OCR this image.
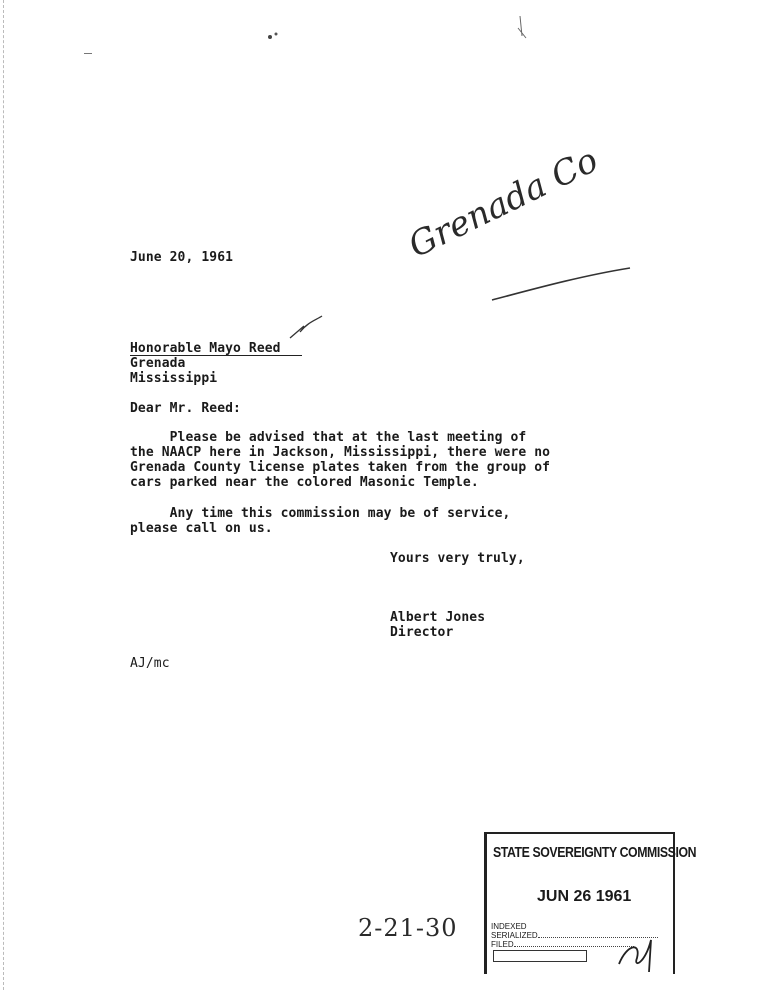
June 20, 1961
Honorable Mayo Reed
Grenada
Mississippi
Dear Mr. Reed:
Please be advised that at the last meeting of
the NAACP here in Jackson, Mississippi, there were no
Grenada County license plates taken from the group of
cars parked near the colored Masonic Temple.
Any time this commission may be of service,
please call on us.
Yours very truly,
Albert Jones
Director
AJ/mc
Grenada Co
2-21-30
STATE SOVEREIGNTY COMMISSION
JUN 26 1961
INDEXED
SERIALIZED
FILED
